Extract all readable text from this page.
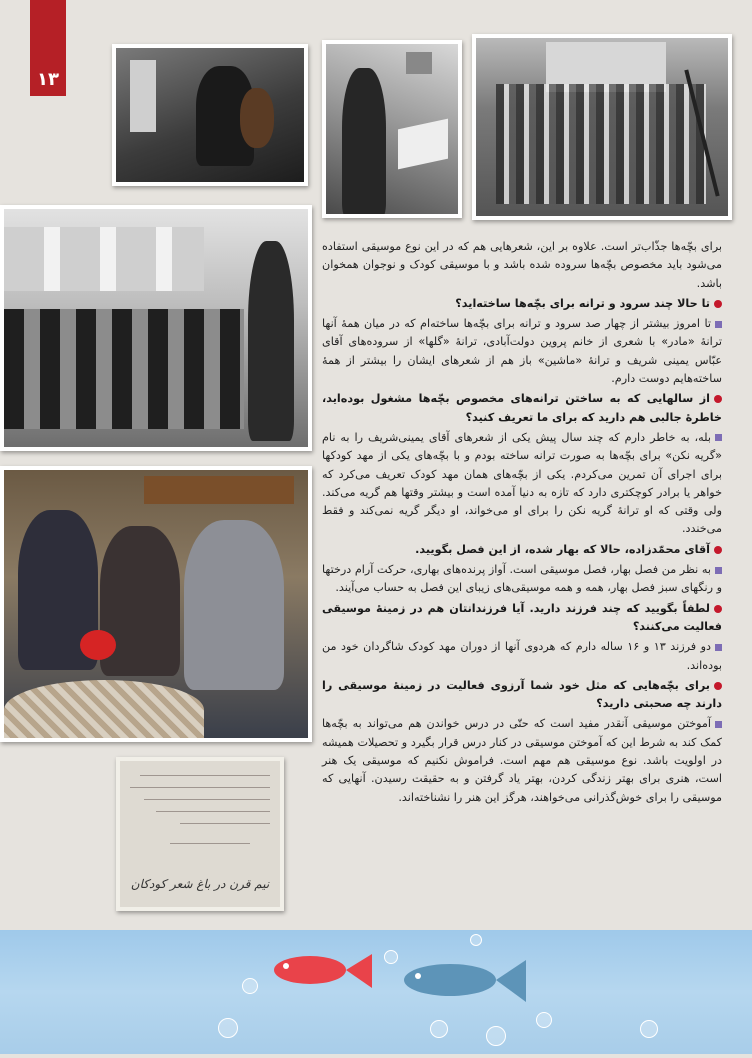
۱۳
نیم قرن در باغ شعر کودکان

برای بچّه‌ها جذّاب‌تر است. علاوه بر این، شعرهایی هم که در این نوع موسیقی استفاده می‌شود باید مخصوص بچّه‌ها سروده شده باشد و با موسیقی کودک و نوجوان همخوان باشد.

تا حالا چند سرود و ترانه برای بچّه‌ها ساخته‌اید؟

تا امروز بیشتر از چهار صد سرود و ترانه برای بچّه‌ها ساخته‌ام که در میان همهٔ آنها ترانهٔ «مادر» با شعری از خانم پروین دولت‌آبادی، ترانهٔ «گلها» از سروده‌های آقای عبّاس یمینی شریف و ترانهٔ «ماشین» باز هم از شعرهای ایشان را بیشتر از همهٔ ساخته‌هایم دوست دارم.

از سالهایی که به ساختن ترانه‌های مخصوص بچّه‌ها مشغول بوده‌اید، خاطرهٔ جالبی هم دارید که برای ما تعریف کنید؟

بله، به خاطر دارم که چند سال پیش یکی از شعرهای آقای یمینی‌شریف را به نام «گریه نکن» برای بچّه‌ها به صورت ترانه ساخته بودم و با بچّه‌های یکی از مهد کودکها برای اجرای آن تمرین می‌کردم. یکی از بچّه‌های همان مهد کودک تعریف می‌کرد که خواهر یا برادر کوچکتری دارد که تازه به دنیا آمده است و بیشتر وقتها هم گریه می‌کند. ولی وقتی که او ترانهٔ گریه نکن را برای او می‌خواند، او دیگر گریه نمی‌کند و فقط می‌خندد.

آقای محمّدزاده، حالا که بهار شده، از این فصل بگویید.

به نظر من فصل بهار، فصل موسیقی است. آواز پرنده‌های بهاری، حرکت آرام درختها و رنگهای سبز فصل بهار، همه و همه موسیقی‌های زیبای این فصل به حساب می‌آیند.

لطفاً بگویید که چند فرزند دارید. آیا فرزندانتان هم در زمینهٔ موسیقی فعالیت می‌کنند؟

دو فرزند ۱۳ و ۱۶ ساله دارم که هردوی آنها از دوران مهد کودک شاگردان خود من بوده‌اند.

برای بچّه‌هایی که مثل خود شما آرزوی فعالیت در زمینهٔ موسیقی را دارند چه صحبتی دارید؟

آموختن موسیقی آنقدر مفید است که حتّی در درس خواندن هم می‌تواند به بچّه‌ها کمک کند به شرط این که آموختن موسیقی در کنار درس قرار بگیرد و تحصیلات همیشه در اولویت باشد. نوع موسیقی هم مهم است. فراموش نکنیم که موسیقی یک هنر است، هنری برای بهتر زندگی کردن، بهتر یاد گرفتن و به حقیقت رسیدن. آنهایی که موسیقی را برای خوش‌گذرانی می‌خواهند، هرگز این هنر را نشناخته‌اند.
